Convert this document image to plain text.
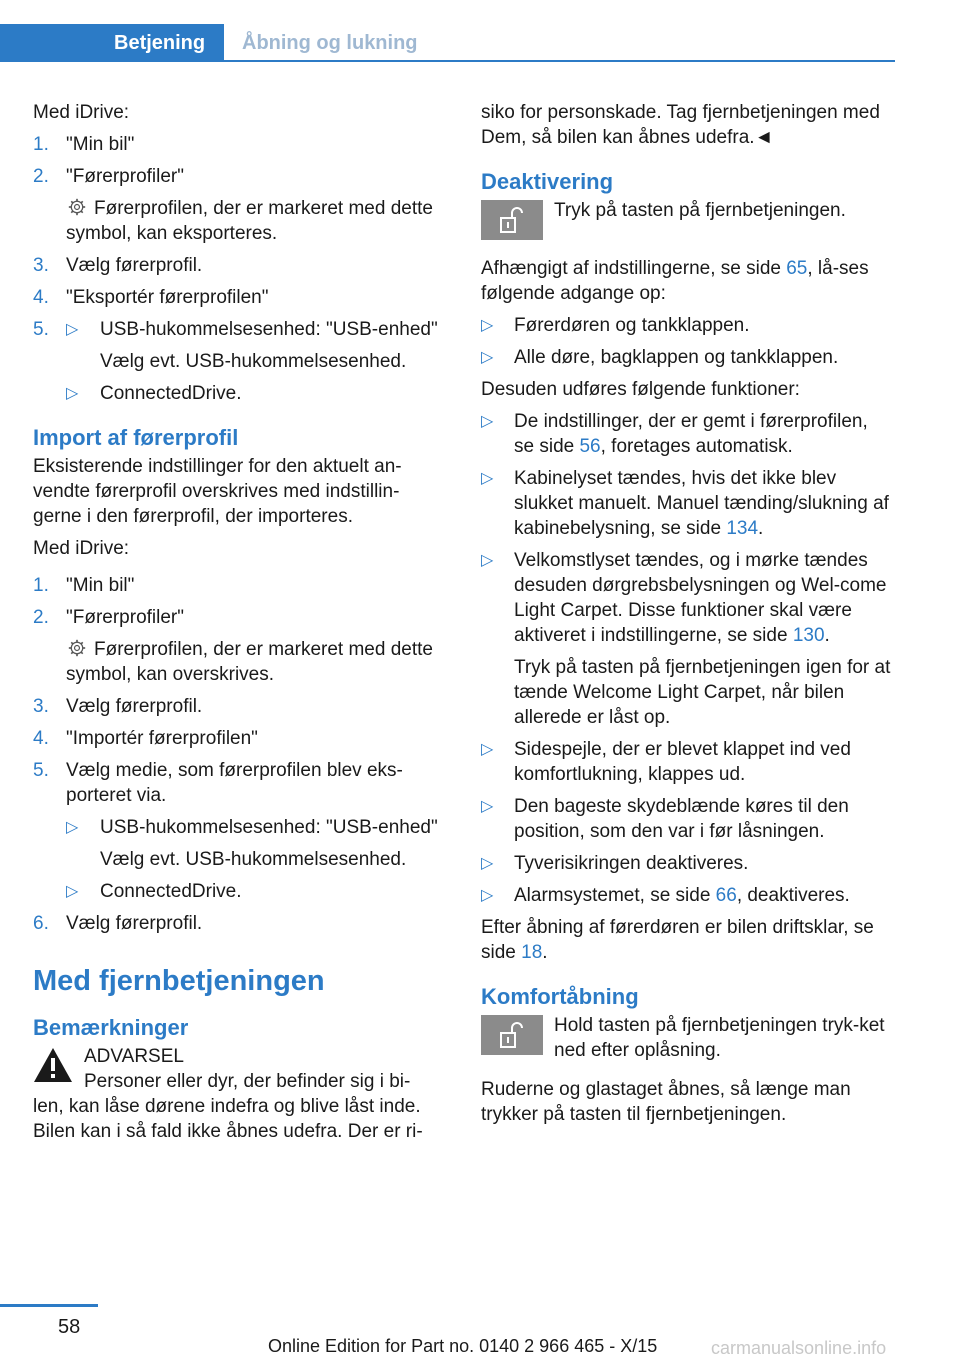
Betjening	Åbning og lukning

Med iDrive:

1. "Min bil"
2. "Førerprofiler"
Førerprofilen, der er markeret med dette symbol, kan eksporteres.
3. Vælg førerprofil.
4. "Eksportér førerprofilen"
5. ▷ USB-hukommelsesenhed: "USB-enhed"
Vælg evt. USB-hukommelsesenhed.
▷ ConnectedDrive.
Import af førerprofil

Eksisterende indstillinger for den aktuelt an-vendte førerprofil overskrives med indstillin-gerne i den førerprofil, der importeres.

Med iDrive:

1. "Min bil"
2. "Førerprofiler"
Førerprofilen, der er markeret med dette symbol, kan overskrives.
3. Vælg førerprofil.
4. "Importér førerprofilen"
5. Vælg medie, som førerprofilen blev eks-porteret via.
▷ USB-hukommelsesenhed: "USB-enhed"
Vælg evt. USB-hukommelsesenhed.
▷ ConnectedDrive.
6. Vælg førerprofil.
Med fjernbetjeningen
Bemærkninger
ADVARSEL
Personer eller dyr, der befinder sig i bi-
len, kan låse dørene indefra og blive låst inde. Bilen kan i så fald ikke åbnes udefra. Der er ri-

siko for personskade. Tag fjernbetjeningen med Dem, så bilen kan åbnes udefra.◄

Deaktivering
Tryk på tasten på fjernbetjeningen.

Afhængigt af indstillingerne, se side 65, lå-ses følgende adgange op:

▷ Førerdøren og tankklappen.
▷ Alle døre, bagklappen og tankklappen.

Desuden udføres følgende funktioner:

▷ De indstillinger, der er gemt i førerprofilen, se side 56, foretages automatisk.
▷ Kabinelyset tændes, hvis det ikke blev slukket manuelt. Manuel tænding/slukning af kabinebelysning, se side 134.
▷ Velkomstlyset tændes, og i mørke tændes desuden dørgrebsbelysningen og Wel-come Light Carpet. Disse funktioner skal være aktiveret i indstillingerne, se side 130.
Tryk på tasten på fjernbetjeningen igen for at tænde Welcome Light Carpet, når bilen allerede er låst op.
▷ Sidespejle, der er blevet klappet ind ved komfortlukning, klappes ud.
▷ Den bageste skydeblænde køres til den position, som den var i før låsningen.
▷ Tyverisikringen deaktiveres.
▷ Alarmsystemet, se side 66, deaktiveres.

Efter åbning af førerdøren er bilen driftsklar, se side 18.

Komfortåbning
Hold tasten på fjernbetjeningen tryk-ket ned efter oplåsning.

Ruderne og glastaget åbnes, så længe man trykker på tasten til fjernbetjeningen.

58
Online Edition for Part no. 0140 2 966 465 - X/15	carmanualsonline.info
